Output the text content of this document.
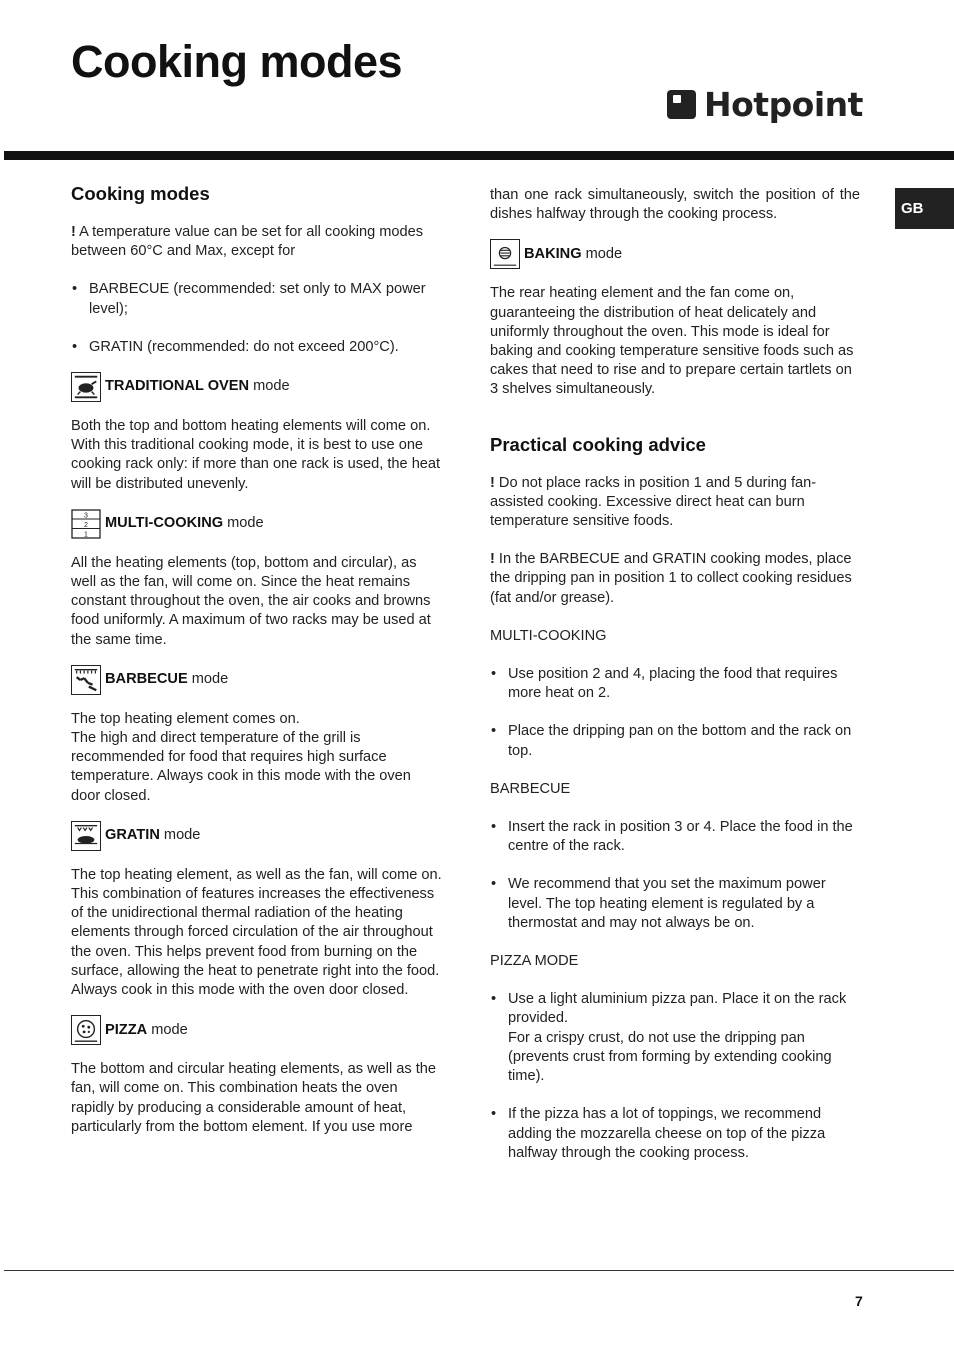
Cooking modes
Hotpoint
GB
Cooking modes

! A temperature value can be set for all cooking modes between 60°C and Max, except for

• BARBECUE (recommended: set only to MAX power level);
• GRATIN (recommended: do not exceed 200°C).
TRADITIONAL OVEN mode

Both the top and bottom heating elements will come on. With this traditional cooking mode, it is best to use one cooking rack only: if more than one rack is used, the heat will be distributed unevenly.

3
2
1
MULTI-COOKING mode

All the heating elements (top, bottom and circular), as well as the fan, will come on. Since the heat remains constant throughout the oven, the air cooks and browns food uniformly. A maximum of two racks may be used at the same time.

BARBECUE mode

The top heating element comes on.

The high and direct temperature of the grill is recommended for food that requires high surface temperature. Always cook in this mode with the oven door closed.

GRATIN mode

The top heating element, as well as the fan, will come on. This combination of features increases the effectiveness of the unidirectional thermal radiation of the heating elements through forced circulation of the air throughout the oven. This helps prevent food from burning on the surface, allowing the heat to penetrate right into the food. Always cook in this mode with the oven door closed.

PIZZA mode

The bottom and circular heating elements, as well as the fan, will come on. This combination heats the oven rapidly by producing a considerable amount of heat, particularly from the bottom element. If you use more

than one rack simultaneously, switch the position of the dishes halfway through the cooking process.

BAKING mode

The rear heating element and the fan come on, guaranteeing the distribution of heat delicately and uniformly throughout the oven. This mode is ideal for baking and cooking temperature sensitive foods such as cakes that need to rise and to prepare certain tartlets on 3 shelves simultaneously.

Practical cooking advice

! Do not place racks in position 1 and 5 during fan-assisted cooking. Excessive direct heat can burn temperature sensitive foods.

! In the BARBECUE and GRATIN cooking modes, place the dripping pan in position 1 to collect cooking residues (fat and/or grease).

MULTI-COOKING

• Use position 2 and 4, placing the food that requires more heat on 2.
• Place the dripping pan on the bottom and the rack on top.

BARBECUE

• Insert the rack in position 3 or 4. Place the food in the centre of the rack.
• We recommend that you set the maximum power level. The top heating element is regulated by a thermostat and may not always be on.

PIZZA MODE

• Use a light aluminium pizza pan. Place it on the rack provided.
For a crispy crust, do not use the dripping pan (prevents crust from forming by extending cooking time).
• If the pizza has a lot of toppings, we recommend adding the mozzarella cheese on top of the pizza halfway through the cooking process.
7
